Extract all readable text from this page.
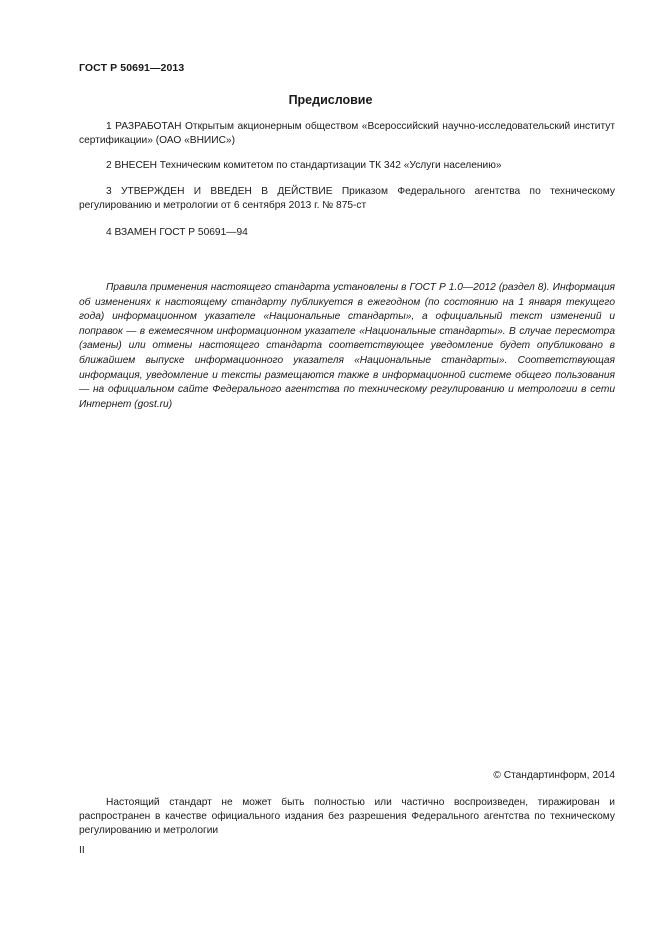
ГОСТ Р 50691—2013
Предисловие
1 РАЗРАБОТАН Открытым акционерным обществом «Всероссийский научно-исследовательский институт сертификации» (ОАО «ВНИИС»)
2 ВНЕСЕН Техническим комитетом по стандартизации ТК 342 «Услуги населению»
3 УТВЕРЖДЕН И ВВЕДЕН В ДЕЙСТВИЕ Приказом Федерального агентства по техническому регулированию и метрологии от 6 сентября 2013 г. № 875-ст
4 ВЗАМЕН ГОСТ Р 50691—94
Правила применения настоящего стандарта установлены в ГОСТ Р 1.0—2012 (раздел 8). Информация об изменениях к настоящему стандарту публикуется в ежегодном (по состоянию на 1 января текущего года) информационном указателе «Национальные стандарты», а официальный текст изменений и поправок — в ежемесячном информационном указателе «Национальные стандарты». В случае пересмотра (замены) или отмены настоящего стандарта соответствующее уведомление будет опубликовано в ближайшем выпуске информационного указателя «Национальные стандарты». Соответствующая информация, уведомление и тексты размещаются также в информационной системе общего пользования — на официальном сайте Федерального агентства по техническому регулированию и метрологии в сети Интернет (gost.ru)
© Стандартинформ, 2014
Настоящий стандарт не может быть полностью или частично воспроизведен, тиражирован и распространен в качестве официального издания без разрешения Федерального агентства по техническому регулированию и метрологии
II
